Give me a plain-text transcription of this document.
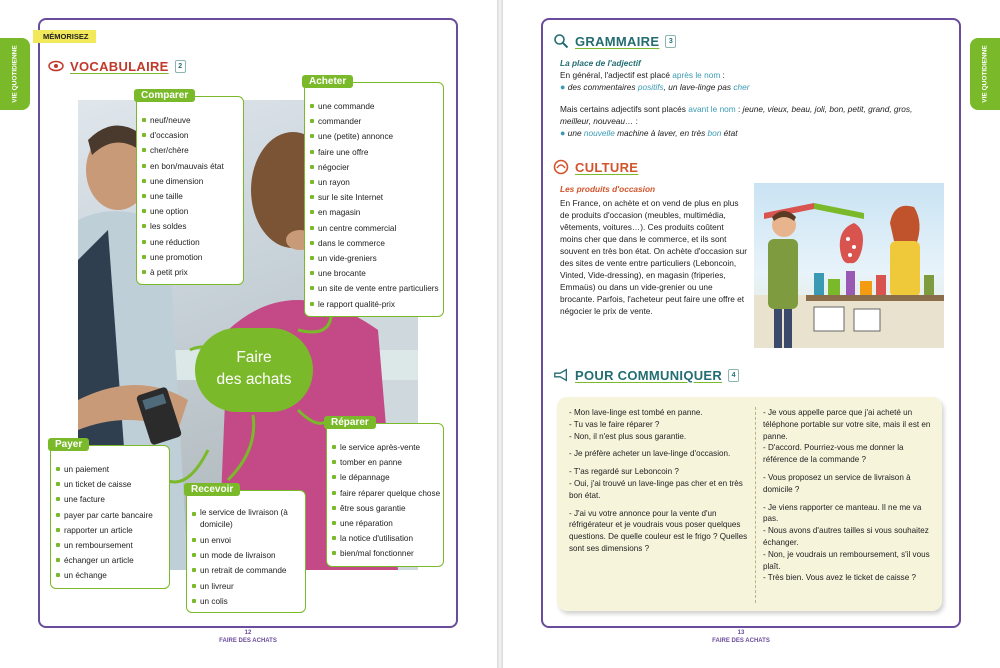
VIE QUOTIDIENNE
12
FAIRE DES ACHATS
VIE QUOTIDIENNE
13
FAIRE DES ACHATS
MÉMORISEZ
VOCABULAIRE	2
Faire
des achats
Comparer
neuf/neuve
d'occasion
cher/chère
en bon/mauvais état
une dimension
une taille
une option
les soldes
une réduction
une promotion
à petit prix
Acheter
une commande
commander
une (petite) annonce
faire une offre
négocier
un rayon
sur le site Internet
en magasin
un centre commercial
dans le commerce
un vide-greniers
une brocante
un site de vente entre particuliers
le rapport qualité-prix
Payer
un paiement
un ticket de caisse
une facture
payer par carte bancaire
rapporter un article
un remboursement
échanger un article
un échange
Recevoir
le service de livraison (à domicile)
un envoi
un mode de livraison
un retrait de commande
un livreur
un colis
Réparer
le service après-vente
tomber en panne
le dépannage
faire réparer quelque chose
être sous garantie
une réparation
la notice d'utilisation
bien/mal fonctionner
GRAMMAIRE	3
La place de l'adjectif
En général, l'adjectif est placé après le nom :
● des commentaires positifs, un lave-linge pas cher
Mais certains adjectifs sont placés avant le nom : jeune, vieux, beau, joli, bon, petit, grand, gros, meilleur, nouveau… :
● une nouvelle machine à laver, en très bon état
CULTURE
Les produits d'occasion
En France, on achète et on vend de plus en plus de produits d'occasion (meubles, multimédia, vêtements, voitures…). Ces produits coûtent moins cher que dans le commerce, et ils sont souvent en très bon état. On achète d'occasion sur des sites de vente entre particuliers (Leboncoin, Vinted, Vide-dressing), en magasin (friperies, Emmaüs) ou dans un vide-grenier ou une brocante. Parfois, l'acheteur peut faire une offre et négocier le prix de vente.
POUR COMMUNIQUER	4

- Mon lave-linge est tombé en panne.
- Tu vas le faire réparer ?
- Non, il n'est plus sous garantie.

- Je préfère acheter un lave-linge d'occasion.

- T'as regardé sur Leboncoin ?
- Oui, j'ai trouvé un lave-linge pas cher et en très bon état.

- J'ai vu votre annonce pour la vente d'un réfrigérateur et je voudrais vous poser quelques questions. De quelle couleur est le frigo ? Quelles sont ses dimensions ?

- Je vous appelle parce que j'ai acheté un téléphone portable sur votre site, mais il est en panne.
- D'accord. Pourriez-vous me donner la référence de la commande ?

- Vous proposez un service de livraison à domicile ?

- Je viens rapporter ce manteau. Il ne me va pas.
- Nous avons d'autres tailles si vous souhaitez échanger.
- Non, je voudrais un remboursement, s'il vous plaît.
- Très bien. Vous avez le ticket de caisse ?
